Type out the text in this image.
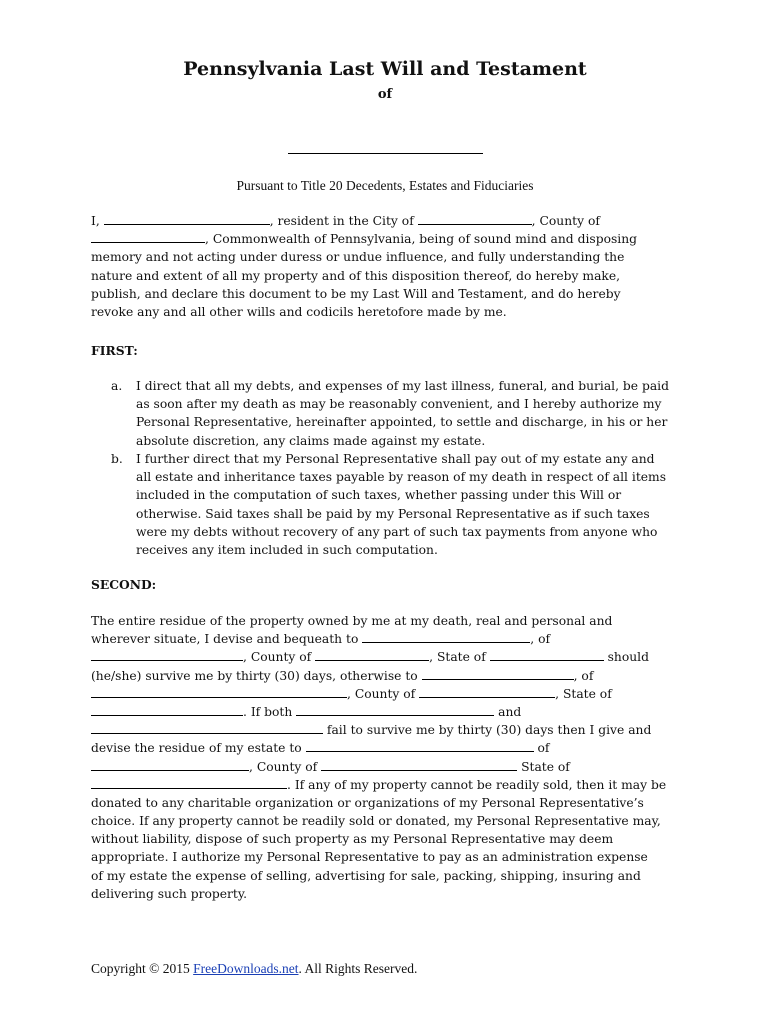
Pennsylvania Last Will and Testament
of
Pursuant to Title 20 Decedents, Estates and Fiduciaries
I,	, resident in the City of	, County of
, Commonwealth of Pennsylvania, being of sound mind and disposing
memory and not acting under duress or undue influence, and fully understanding the
nature and extent of all my property and of this disposition thereof, do hereby make,
publish, and declare this document to be my Last Will and Testament, and do hereby
revoke any and all other wills and codicils heretofore made by me.
FIRST:
a. I direct that all my debts, and expenses of my last illness, funeral, and burial, be paid
as soon after my death as may be reasonably convenient, and I hereby authorize my
Personal Representative, hereinafter appointed, to settle and discharge, in his or her
absolute discretion, any claims made against my estate.
b. I further direct that my Personal Representative shall pay out of my estate any and
all estate and inheritance taxes payable by reason of my death in respect of all items
included in the computation of such taxes, whether passing under this Will or
otherwise. Said taxes shall be paid by my Personal Representative as if such taxes
were my debts without recovery of any part of such tax payments from anyone who
receives any item included in such computation.
SECOND:
The entire residue of the property owned by me at my death, real and personal and
wherever situate, I devise and bequeath to	, of
, County of	, State of	should
(he/she) survive me by thirty (30) days, otherwise to	, of
, County of	, State of
. If both	and
fail to survive me by thirty (30) days then I give and
devise the residue of my estate to	of
, County of	State of
. If any of my property cannot be readily sold, then it may be
donated to any charitable organization or organizations of my Personal Representative’s
choice. If any property cannot be readily sold or donated, my Personal Representative may,
without liability, dispose of such property as my Personal Representative may deem
appropriate. I authorize my Personal Representative to pay as an administration expense
of my estate the expense of selling, advertising for sale, packing, shipping, insuring and
delivering such property.
Copyright © 2015 FreeDownloads.net. All Rights Reserved.
